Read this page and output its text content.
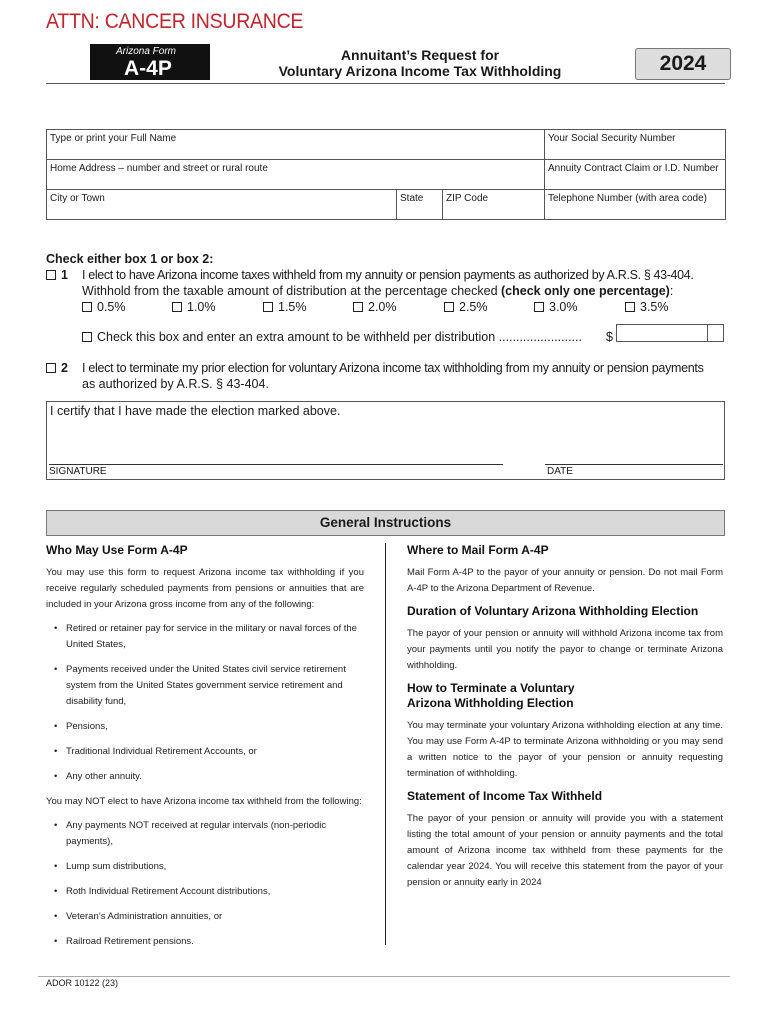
ATTN: CANCER INSURANCE
Arizona Form
A-4P
Annuitant’s Request for
Voluntary Arizona Income Tax Withholding	2024
Type or print your Full Name			Your Social Security Number
Home Address – number and street or rural route			Annuity Contract Claim or I.D. Number
City or Town	State	ZIP Code	Telephone Number (with area code)
Check either box 1 or box 2:
1 I elect to have Arizona income taxes withheld from my annuity or pension payments as authorized by A.R.S. § 43-404.
Withhold from the taxable amount of distribution at the percentage checked (check only one percentage):
0.5%	1.0%	1.5%	2.0%	2.5%	3.0%	3.5%
Check this box and enter an extra amount to be withheld per distribution ........................ $
2 I elect to terminate my prior election for voluntary Arizona income tax withholding from my annuity or pension payments
as authorized by A.R.S. § 43-404.
I certify that I have made the election marked above.
SIGNATURE	DATE
General Instructions
Who May Use Form A-4P
You may use this form to request Arizona income tax withholding if you receive regularly scheduled payments from pensions or annuities that are included in your Arizona gross income from any of the following:
• Retired or retainer pay for service in the military or naval forces of the United States,
• Payments received under the United States civil service retirement system from the United States government service retirement and disability fund,
• Pensions,
• Traditional Individual Retirement Accounts, or
• Any other annuity.
You may NOT elect to have Arizona income tax withheld from the following:
• Any payments NOT received at regular intervals (non-periodic payments),
• Lump sum distributions,
• Roth Individual Retirement Account distributions,
• Veteran’s Administration annuities, or
• Railroad Retirement pensions.
Where to Mail Form A-4P
Mail Form A-4P to the payor of your annuity or pension. Do not mail Form A-4P to the Arizona Department of Revenue.
Duration of Voluntary Arizona Withholding Election
The payor of your pension or annuity will withhold Arizona income tax from your payments until you notify the payor to change or terminate Arizona withholding.
How to Terminate a Voluntary
Arizona Withholding Election
You may terminate your voluntary Arizona withholding election at any time. You may use Form A-4P to terminate Arizona withholding or you may send a written notice to the payor of your pension or annuity requesting termination of withholding.
Statement of Income Tax Withheld
The payor of your pension or annuity will provide you with a statement listing the total amount of your pension or annuity payments and the total amount of Arizona income tax withheld from these payments for the calendar year 2024. You will receive this statement from the payor of your pension or annuity early in 2024
ADOR 10122 (23)
